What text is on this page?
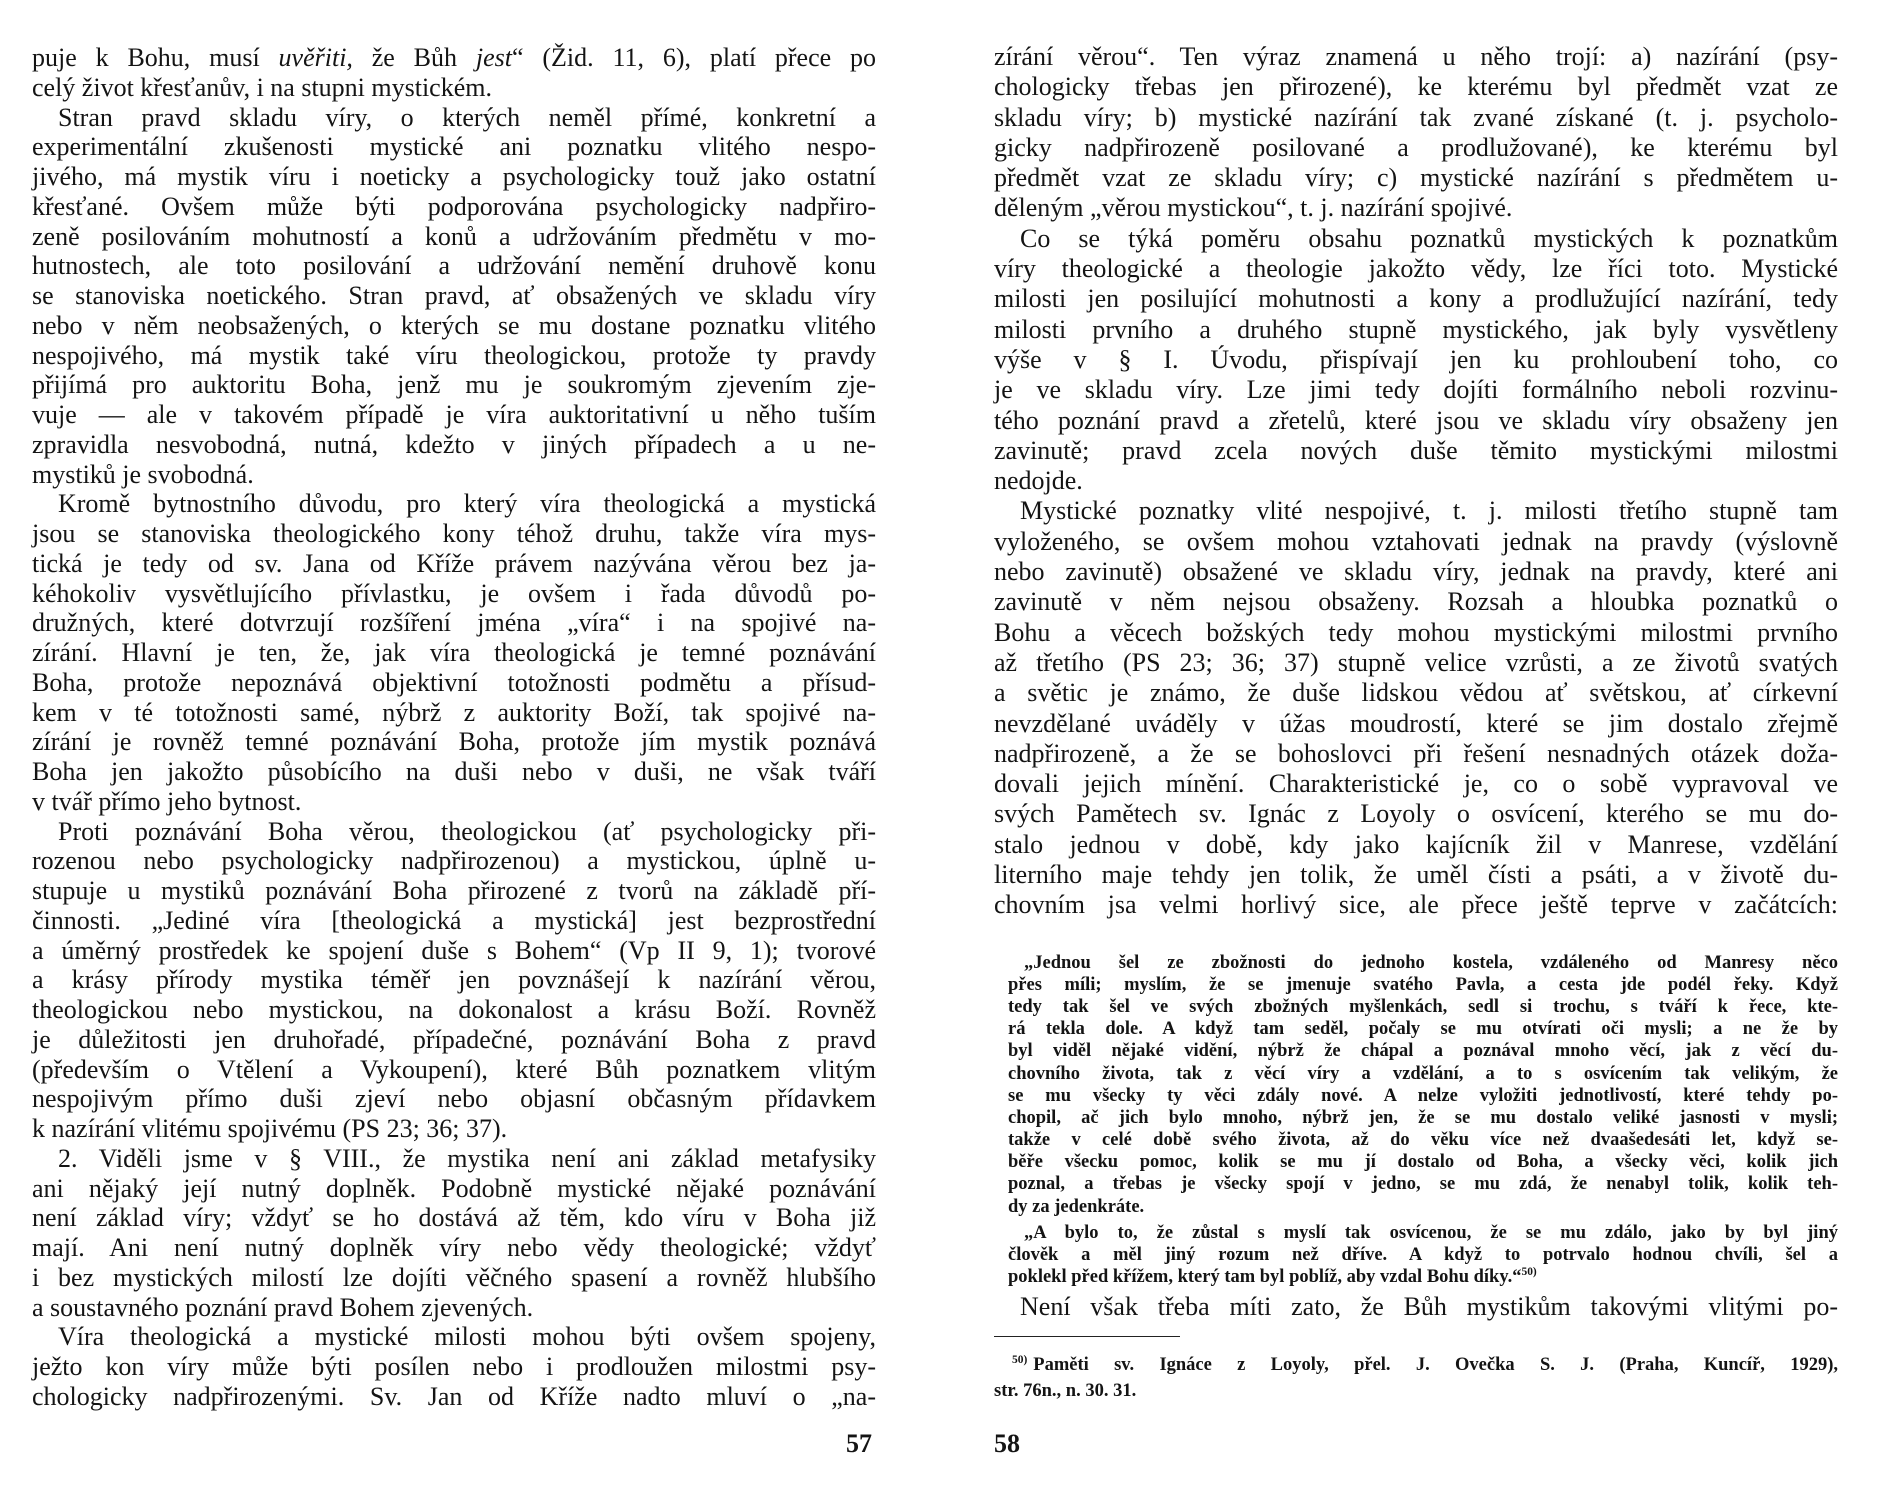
puje k Bohu, musí uvěřiti, že Bůh jest“ (Žid. 11, 6), platí přece po
celý život křesťanův, i na stupni mystickém.
Stran pravd skladu víry, o kterých neměl přímé, konkretní a
experimentální zkušenosti mystické ani poznatku vlitého nespo-
jivého, má mystik víru i noeticky a psychologicky touž jako ostatní
křesťané. Ovšem může býti podporována psychologicky nadpřiro-
zeně posilováním mohutností a konů a udržováním předmětu v mo-
hutnostech, ale toto posilování a udržování nemění druhově konu
se stanoviska noetického. Stran pravd, ať obsažených ve skladu víry
nebo v něm neobsažených, o kterých se mu dostane poznatku vlitého
nespojivého, má mystik také víru theologickou, protože ty pravdy
přijímá pro auktoritu Boha, jenž mu je soukromým zjevením zje-
vuje — ale v takovém případě je víra auktoritativní u něho tuším
zpravidla nesvobodná, nutná, kdežto v jiných případech a u ne-
mystiků je svobodná.
Kromě bytnostního důvodu, pro který víra theologická a mystická
jsou se stanoviska theologického kony téhož druhu, takže víra mys-
tická je tedy od sv. Jana od Kříže právem nazývána věrou bez ja-
kéhokoliv vysvětlujícího přívlastku, je ovšem i řada důvodů po-
družných, které dotvrzují rozšíření jména „víra“ i na spojivé na-
zírání. Hlavní je ten, že, jak víra theologická je temné poznávání
Boha, protože nepoznává objektivní totožnosti podmětu a přísud-
kem v té totožnosti samé, nýbrž z auktority Boží, tak spojivé na-
zírání je rovněž temné poznávání Boha, protože jím mystik poznává
Boha jen jakožto působícího na duši nebo v duši, ne však tváří
v tvář přímo jeho bytnost.
Proti poznávání Boha věrou, theologickou (ať psychologicky při-
rozenou nebo psychologicky nadpřirozenou) a mystickou, úplně u-
stupuje u mystiků poznávání Boha přirozené z tvorů na základě pří-
činnosti. „Jediné víra [theologická a mystická] jest bezprostřední
a úměrný prostředek ke spojení duše s Bohem“ (Vp II 9, 1); tvorové
a krásy přírody mystika téměř jen povznášejí k nazírání věrou,
theologickou nebo mystickou, na dokonalost a krásu Boží. Rovněž
je důležitosti jen druhořadé, případečné, poznávání Boha z pravd
(především o Vtělení a Vykoupení), které Bůh poznatkem vlitým
nespojivým přímo duši zjeví nebo objasní občasným přídavkem
k nazírání vlitému spojivému (PS 23; 36; 37).
2. Viděli jsme v § VIII., že mystika není ani základ metafysiky
ani nějaký její nutný doplněk. Podobně mystické nějaké poznávání
není základ víry; vždyť se ho dostává až těm, kdo víru v Boha již
mají. Ani není nutný doplněk víry nebo vědy theologické; vždyť
i bez mystických milostí lze dojíti věčného spasení a rovněž hlubšího
a soustavného poznání pravd Bohem zjevených.
Víra theologická a mystické milosti mohou býti ovšem spojeny,
ježto kon víry může býti posílen nebo i prodloužen milostmi psy-
chologicky nadpřirozenými. Sv. Jan od Kříže nadto mluví o „na-
57
zírání věrou“. Ten výraz znamená u něho trojí: a) nazírání (psy-
chologicky třebas jen přirozené), ke kterému byl předmět vzat ze
skladu víry; b) mystické nazírání tak zvané získané (t. j. psycholo-
gicky nadpřirozeně posilované a prodlužované), ke kterému byl
předmět vzat ze skladu víry; c) mystické nazírání s předmětem u-
děleným „věrou mystickou“, t. j. nazírání spojivé.
Co se týká poměru obsahu poznatků mystických k poznatkům
víry theologické a theologie jakožto vědy, lze říci toto. Mystické
milosti jen posilující mohutnosti a kony a prodlužující nazírání, tedy
milosti prvního a druhého stupně mystického, jak byly vysvětleny
výše v § I. Úvodu, přispívají jen ku prohloubení toho, co
je ve skladu víry. Lze jimi tedy dojíti formálního neboli rozvinu-
tého poznání pravd a zřetelů, které jsou ve skladu víry obsaženy jen
zavinutě; pravd zcela nových duše těmito mystickými milostmi
nedojde.
Mystické poznatky vlité nespojivé, t. j. milosti třetího stupně tam
vyloženého, se ovšem mohou vztahovati jednak na pravdy (výslovně
nebo zavinutě) obsažené ve skladu víry, jednak na pravdy, které ani
zavinutě v něm nejsou obsaženy. Rozsah a hloubka poznatků o
Bohu a věcech božských tedy mohou mystickými milostmi prvního
až třetího (PS 23; 36; 37) stupně velice vzrůsti, a ze životů svatých
a světic je známo, že duše lidskou vědou ať světskou, ať církevní
nevzdělané uváděly v úžas moudrostí, které se jim dostalo zřejmě
nadpřirozeně, a že se bohoslovci při řešení nesnadných otázek doža-
dovali jejich mínění. Charakteristické je, co o sobě vypravoval ve
svých Pamětech sv. Ignác z Loyoly o osvícení, kterého se mu do-
stalo jednou v době, kdy jako kajícník žil v Manrese, vzdělání
literního maje tehdy jen tolik, že uměl čísti a psáti, a v životě du-
chovním jsa velmi horlivý sice, ale přece ještě teprve v začátcích:
„Jednou šel ze zbožnosti do jednoho kostela, vzdáleného od Manresy něco
přes míli; myslím, že se jmenuje svatého Pavla, a cesta jde podél řeky. Když
tedy tak šel ve svých zbožných myšlenkách, sedl si trochu, s tváří k řece, kte-
rá tekla dole. A když tam seděl, počaly se mu otvírati oči mysli; a ne že by
byl viděl nějaké vidění, nýbrž že chápal a poznával mnoho věcí, jak z věcí du-
chovního života, tak z věcí víry a vzdělání, a to s osvícením tak velikým, že
se mu všecky ty věci zdály nové. A nelze vyložiti jednotlivostí, které tehdy po-
chopil, ač jich bylo mnoho, nýbrž jen, že se mu dostalo veliké jasnosti v mysli;
takže v celé době svého života, až do věku více než dvaašedesáti let, když se-
běře všecku pomoc, kolik se mu jí dostalo od Boha, a všecky věci, kolik jich
poznal, a třebas je všecky spojí v jedno, se mu zdá, že nenabyl tolik, kolik teh-
dy za jedenkráte.
„A bylo to, že zůstal s myslí tak osvícenou, že se mu zdálo, jako by byl jiný
člověk a měl jiný rozum než dříve. A když to potrvalo hodnou chvíli, šel a
poklekl před křížem, který tam byl poblíž, aby vzdal Bohu díky.“$^{50)}$
Není však třeba míti zato, že Bůh mystikům takovými vlitými po-
$^{50)}$ Paměti sv. Ignáce z Loyoly, přel. J. Ovečka S. J. (Praha, Kuncíř, 1929),
str. 76n., n. 30. 31.
58
